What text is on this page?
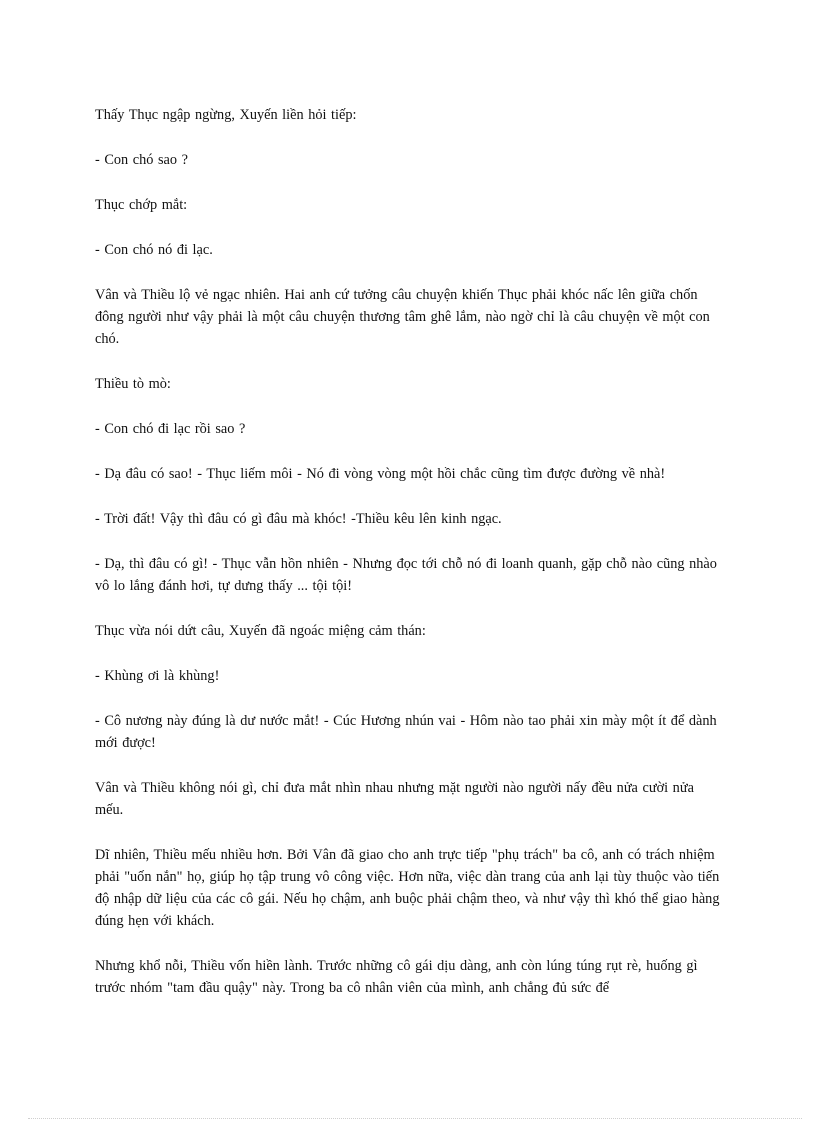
Thấy Thục ngập ngừng, Xuyến liền hỏi tiếp:

- Con chó sao ?

Thục chớp mắt:

- Con chó nó đi lạc.

Vân và Thiều lộ vẻ ngạc nhiên. Hai anh cứ tưởng câu chuyện khiến Thục phải khóc nấc lên giữa chốn đông người như vậy phải là một câu chuyện thương tâm ghê lắm, nào ngờ chỉ là câu chuyện về một con chó.

Thiều tò mò:

- Con chó đi lạc rồi sao ?

- Dạ đâu có sao! - Thục liếm môi - Nó đi vòng vòng một hồi chắc cũng tìm được đường về nhà!

- Trời đất! Vậy thì đâu có gì đâu mà khóc! -Thiều kêu lên kinh ngạc.

- Dạ, thì đâu có gì! - Thục vẫn hồn nhiên - Nhưng đọc tới chỗ nó đi loanh quanh, gặp chỗ nào cũng nhào vô lo lắng đánh hơi, tự dưng thấy ... tội tội!

Thục vừa nói dứt câu, Xuyến đã ngoác miệng cảm thán:

- Khùng ơi là khùng!

- Cô nương này đúng là dư nước mắt! - Cúc Hương nhún vai - Hôm nào tao phải xin mày một ít để dành mới được!

Vân và Thiều không nói gì, chỉ đưa mắt nhìn nhau nhưng mặt người nào người nấy đều nửa cười nửa mếu.

Dĩ nhiên, Thiều mếu nhiều hơn. Bởi Vân đã giao cho anh trực tiếp "phụ trách" ba cô, anh có trách nhiệm phải "uốn nắn" họ, giúp họ tập trung vô công việc. Hơn nữa, việc dàn trang của anh lại tùy thuộc vào tiến độ nhập dữ liệu của các cô gái. Nếu họ chậm, anh buộc phải chậm theo, và như vậy thì khó thể giao hàng đúng hẹn với khách.

Nhưng khổ nỗi, Thiều vốn hiền lành. Trước những cô gái dịu dàng, anh còn lúng túng rụt rè, huống gì trước nhóm "tam đầu quậy" này. Trong ba cô nhân viên của mình, anh chẳng đủ sức để
